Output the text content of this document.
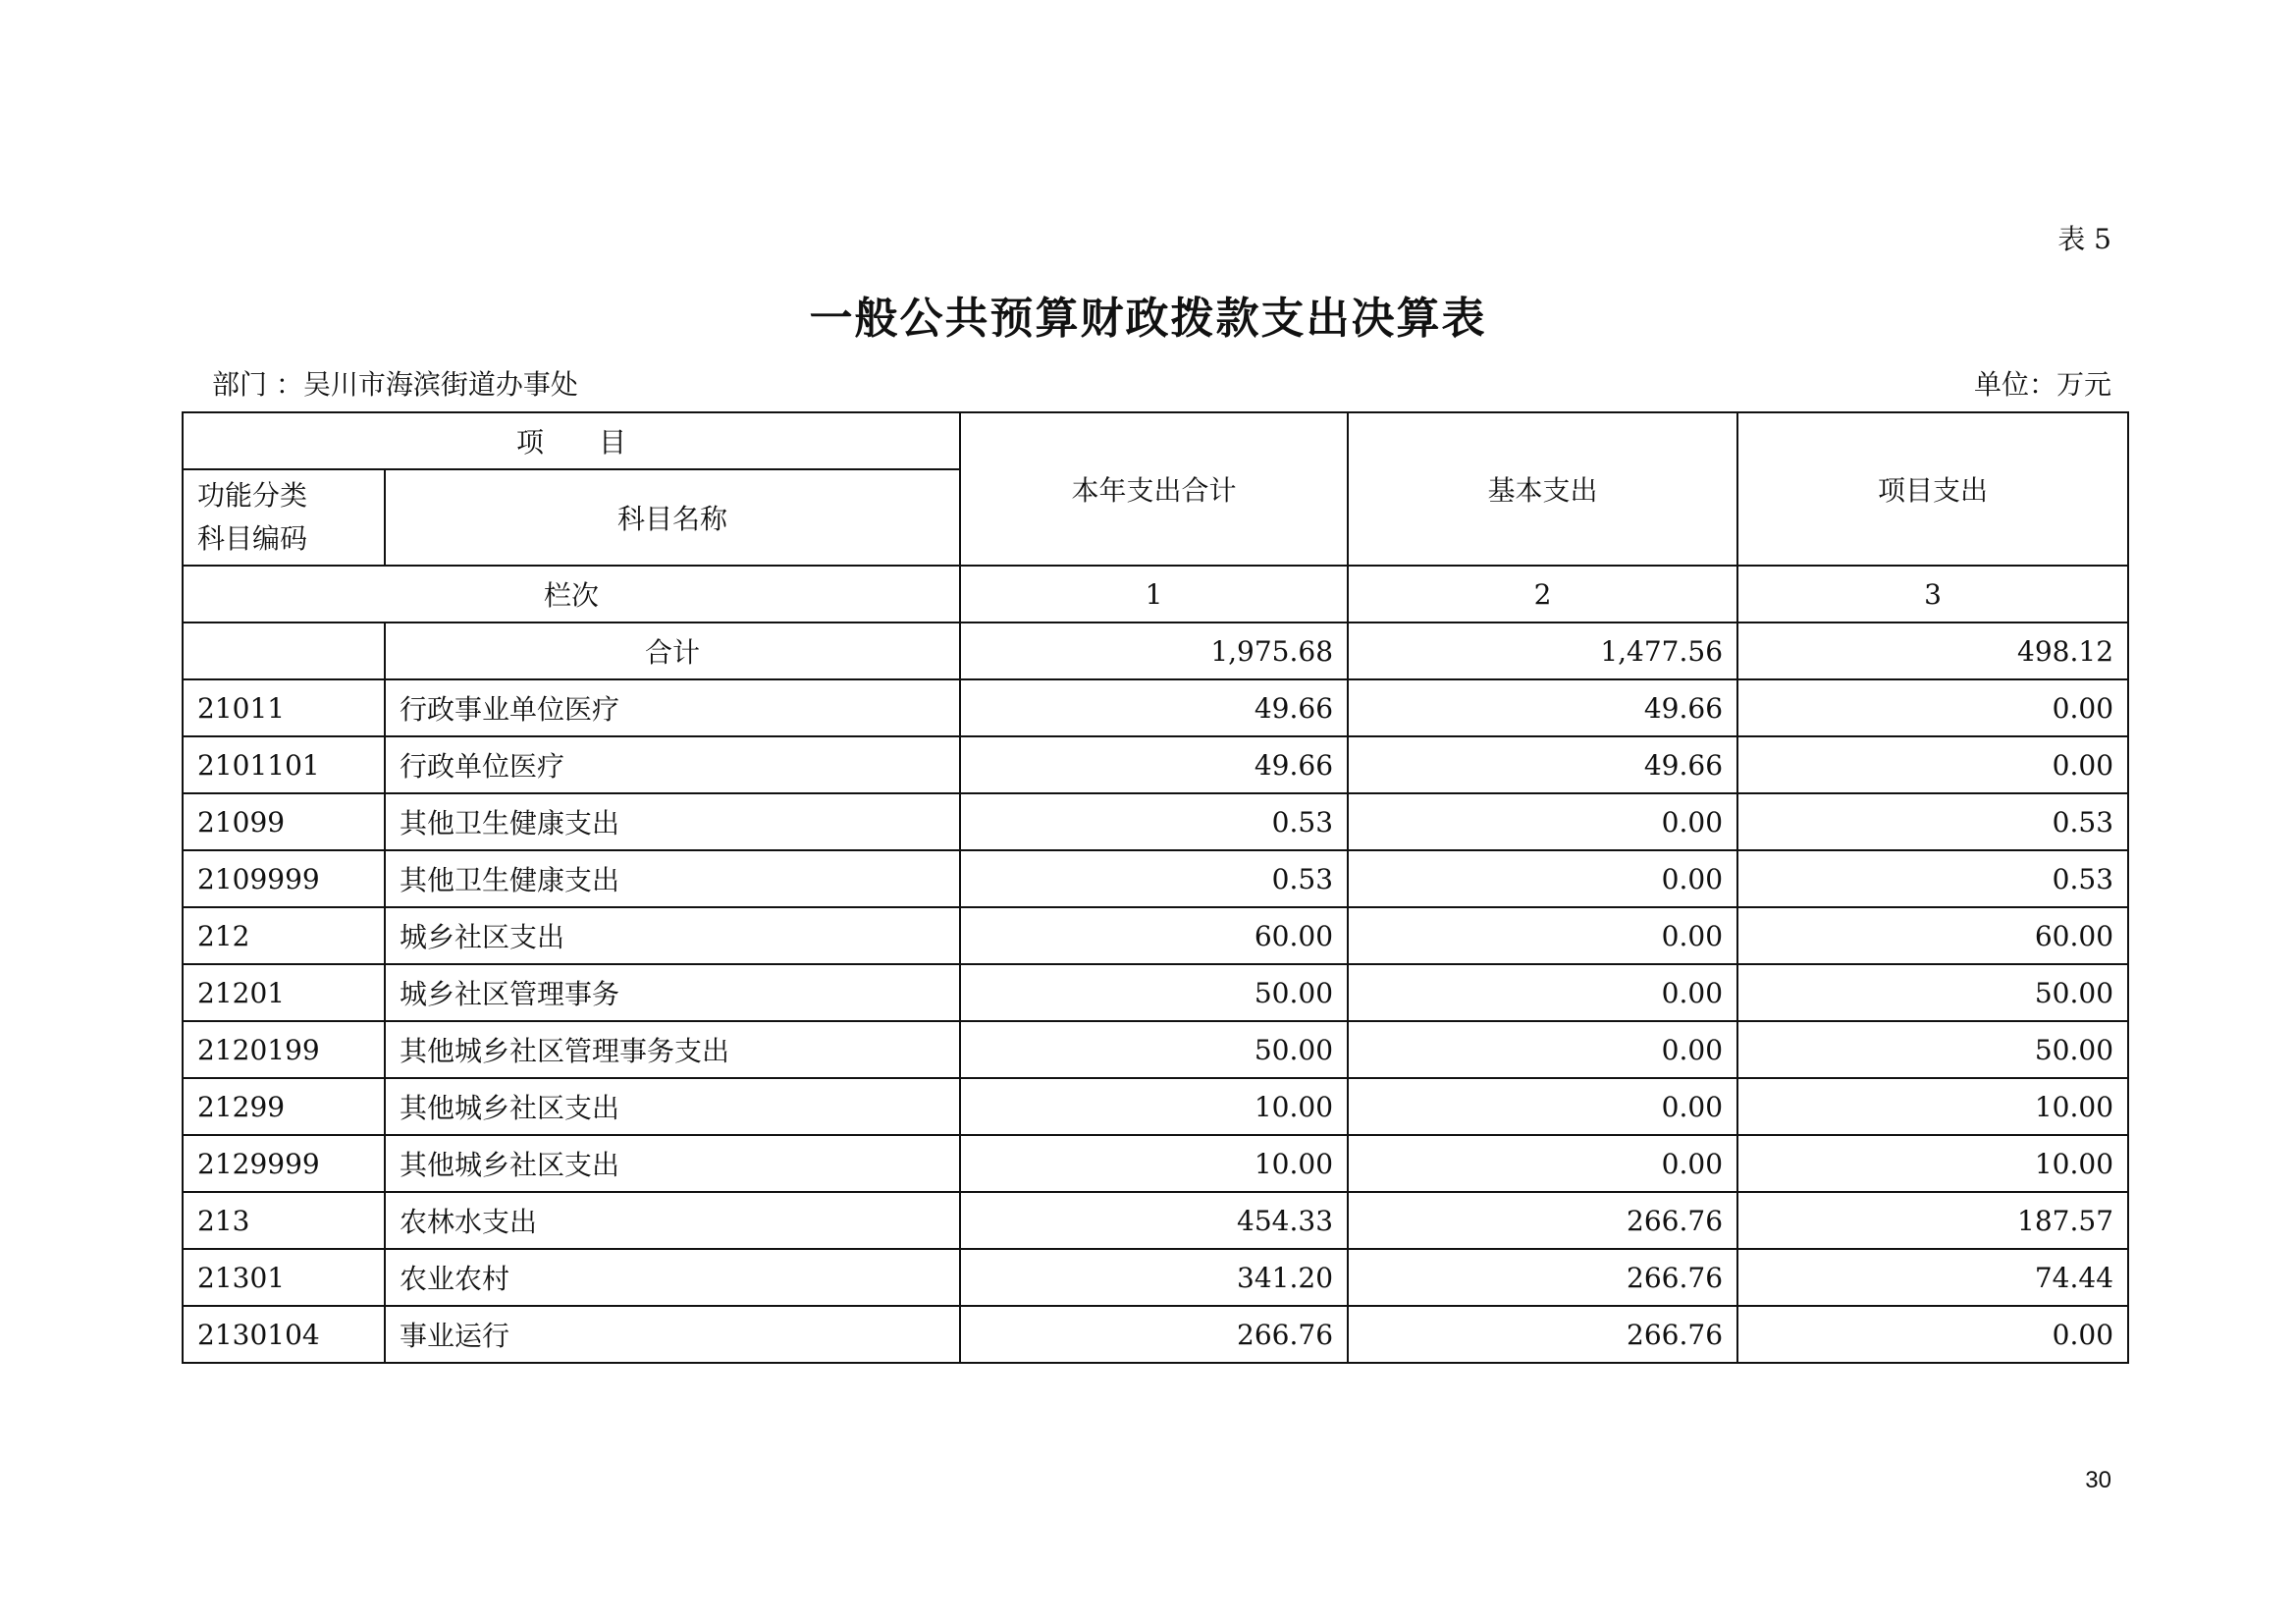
表 5
一般公共预算财政拨款支出决算表
部门 ：吴川市海滨街道办事处	单位：万元
项　　目		本年支出合计	基本支出	项目支出

功能分类
科目编码	科目名称			
栏次		1	2	3
	合计	1,975.68	1,477.56	498.12
21011	行政事业单位医疗	49.66	49.66	0.00
2101101	行政单位医疗	49.66	49.66	0.00
21099	其他卫生健康支出	0.53	0.00	0.53
2109999	其他卫生健康支出	0.53	0.00	0.53
212	城乡社区支出	60.00	0.00	60.00
21201	城乡社区管理事务	50.00	0.00	50.00
2120199	其他城乡社区管理事务支出	50.00	0.00	50.00
21299	其他城乡社区支出	10.00	0.00	10.00
2129999	其他城乡社区支出	10.00	0.00	10.00
213	农林水支出	454.33	266.76	187.57
21301	农业农村	341.20	266.76	74.44
2130104	事业运行	266.76	266.76	0.00
30
